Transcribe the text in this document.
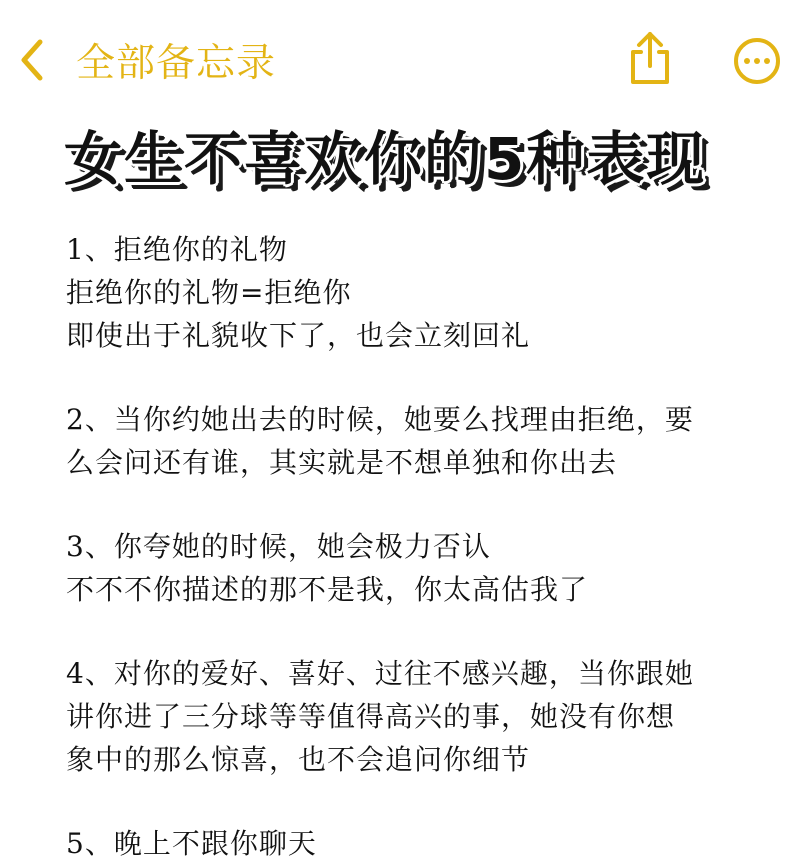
全部备忘录
女生不喜欢你的5种表现
1、拒绝你的礼物
拒绝你的礼物=拒绝你
即使出于礼貌收下了，也会立刻回礼
2、当你约她出去的时候，她要么找理由拒绝，要
么会问还有谁，其实就是不想单独和你出去
3、你夸她的时候，她会极力否认
不不不你描述的那不是我，你太高估我了
4、对你的爱好、喜好、过往不感兴趣，当你跟她
讲你进了三分球等等值得高兴的事，她没有你想
象中的那么惊喜，也不会追问你细节
5、晚上不跟你聊天
